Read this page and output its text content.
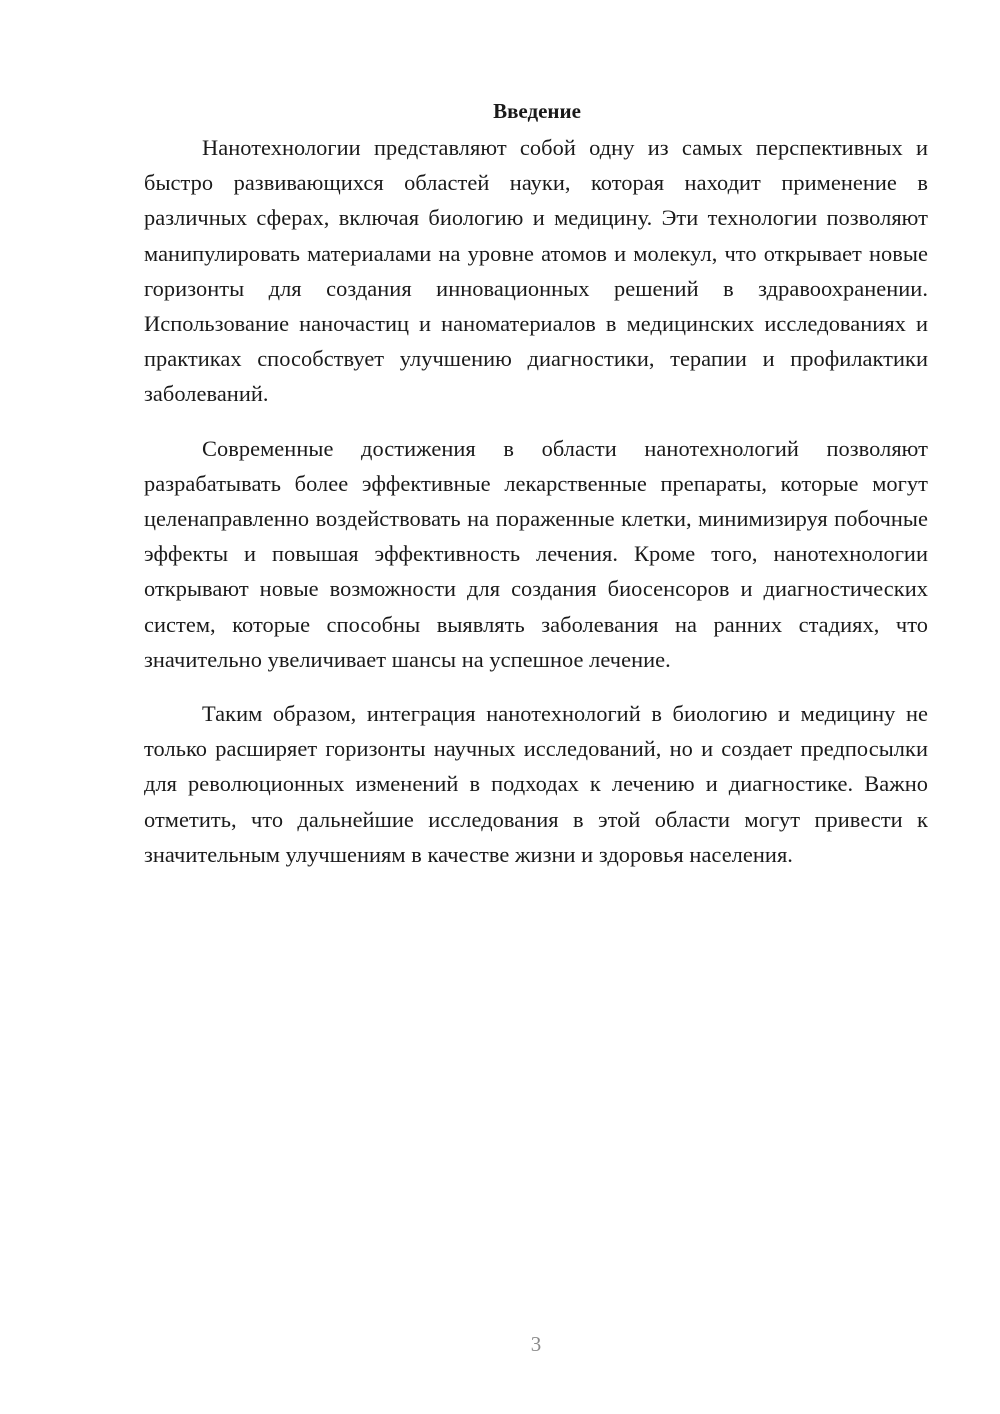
Введение

Нанотехнологии представляют собой одну из самых перспективных и быстро развивающихся областей науки, которая находит применение в различных сферах, включая биологию и медицину. Эти технологии позволяют манипулировать материалами на уровне атомов и молекул, что открывает новые горизонты для создания инновационных решений в здравоохранении. Использование наночастиц и наноматериалов в медицинских исследованиях и практиках способствует улучшению диагностики, терапии и профилактики заболеваний.

Современные достижения в области нанотехнологий позволяют разрабатывать более эффективные лекарственные препараты, которые могут целенаправленно воздействовать на пораженные клетки, минимизируя побочные эффекты и повышая эффективность лечения. Кроме того, нанотехнологии открывают новые возможности для создания биосенсоров и диагностических систем, которые способны выявлять заболевания на ранних стадиях, что значительно увеличивает шансы на успешное лечение.

Таким образом, интеграция нанотехнологий в биологию и медицину не только расширяет горизонты научных исследований, но и создает предпосылки для революционных изменений в подходах к лечению и диагностике. Важно отметить, что дальнейшие исследования в этой области могут привести к значительным улучшениям в качестве жизни и здоровья населения.

3
